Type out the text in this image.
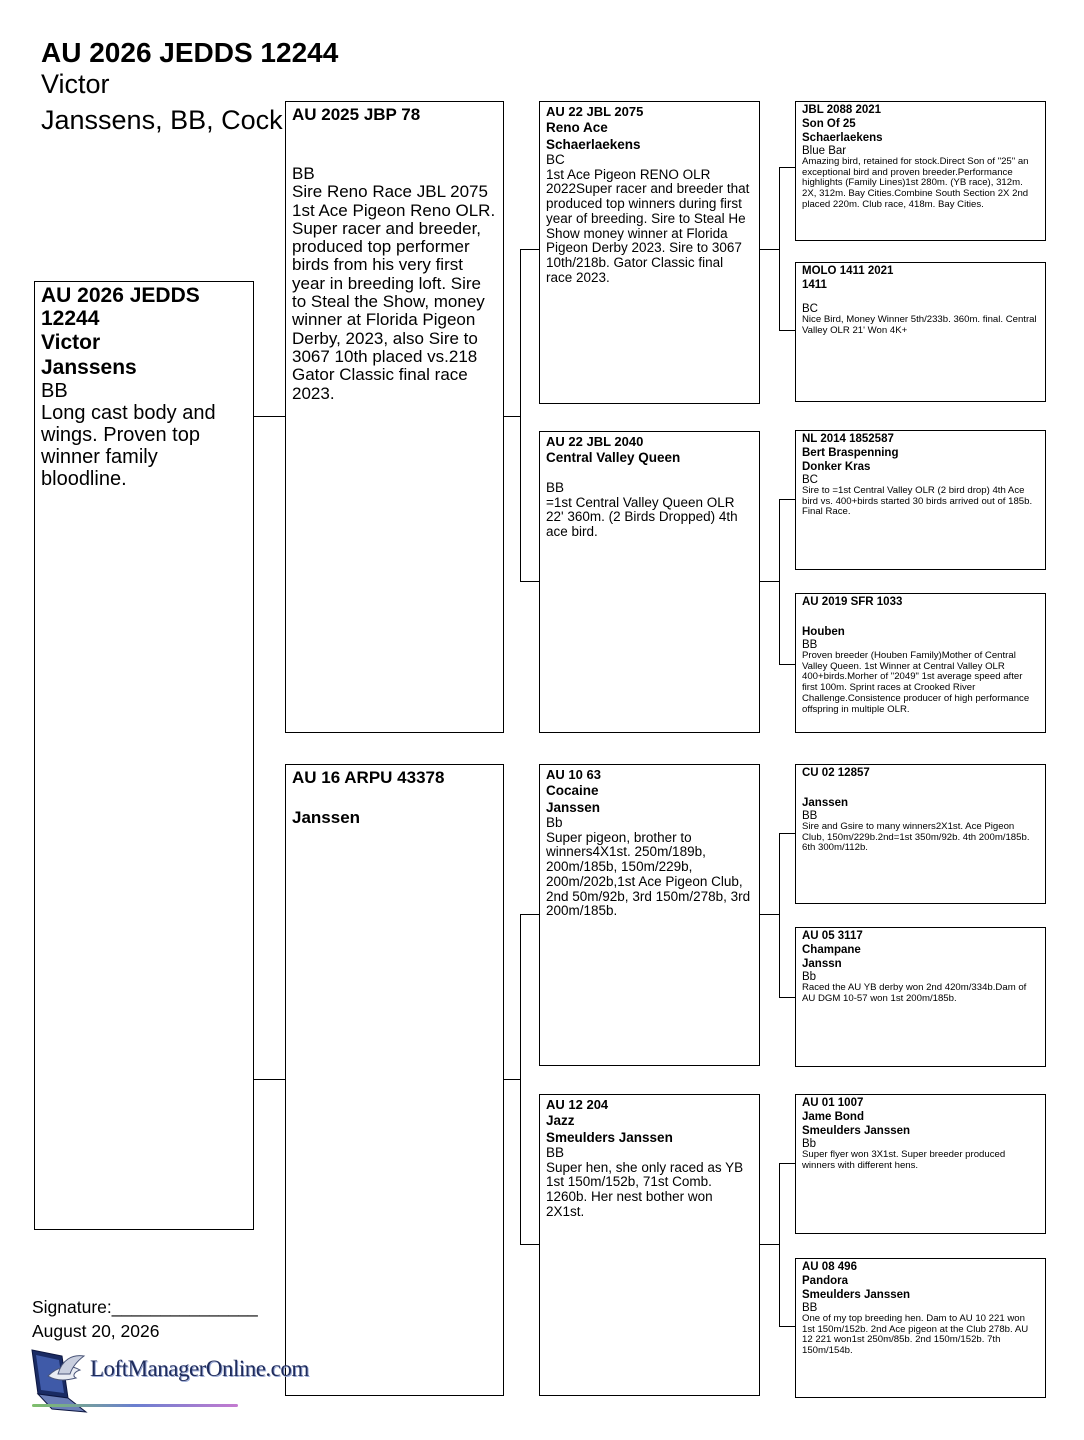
AU 2026 JEDDS 12244
Victor
Janssens, BB, Cock
AU 2026 JEDDS 12244
Victor
Janssens
BB
Long cast body and wings. Proven top winner family bloodline.
AU 2025 JBP 78
BB
Sire Reno Race JBL 2075 1st Ace Pigeon Reno OLR. Super racer and breeder, produced top performer birds from his very first year in breeding loft. Sire to Steal the Show, money winner at Florida Pigeon Derby, 2023, also Sire to 3067 10th placed vs.218 Gator Classic final race 2023.
AU 16 ARPU 43378
Janssen
AU 22 JBL 2075
Reno Ace
Schaerlaekens
BC
1st Ace Pigeon RENO OLR 2022Super racer and breeder that produced top winners during first year of breeding. Sire to Steal He Show money winner at Florida Pigeon Derby 2023. Sire to 3067 10th/218b. Gator Classic final race 2023.
AU 22 JBL 2040
Central Valley Queen
BB
=1st Central Valley Queen OLR 22' 360m. (2 Birds Dropped) 4th ace bird.
AU 10 63
Cocaine
Janssen
Bb
Super pigeon, brother to winners4X1st. 250m/189b, 200m/185b, 150m/229b, 200m/202b,1st Ace Pigeon Club, 2nd 50m/92b, 3rd 150m/278b, 3rd 200m/185b.
AU 12 204
Jazz
Smeulders Janssen
BB
Super hen, she only raced as YB 1st 150m/152b, 71st Comb. 1260b. Her nest bother won 2X1st.
JBL 2088 2021
Son Of 25
Schaerlaekens
Blue Bar
Amazing bird, retained for stock.Direct Son of "25" an exceptional bird and proven breeder.Performance highlights (Family Lines)1st 280m. (YB race), 312m. 2X, 312m. Bay Cities.Combine South Section 2X 2nd placed 220m. Club race, 418m. Bay Cities.
MOLO 1411 2021
1411
BC
Nice Bird, Money Winner 5th/233b. 360m. final. Central Valley OLR 21' Won 4K+
NL 2014 1852587
Bert Braspenning
Donker Kras
BC
Sire to =1st Central Valley OLR (2 bird drop) 4th Ace bird vs. 400+birds started 30 birds arrived out of 185b. Final Race.
AU 2019 SFR 1033
Houben
BB
Proven breeder (Houben Family)Mother of Central Valley Queen. 1st Winner at Central Valley OLR 400+birds.Morher of "2049" 1st average speed after first 100m. Sprint races at Crooked River Challenge.Consistence producer of high performance offspring in multiple OLR.
CU 02 12857
Janssen
BB
Sire and Gsire to many winners2X1st. Ace Pigeon Club, 150m/229b.2nd=1st 350m/92b. 4th 200m/185b. 6th 300m/112b.
AU 05 3117
Champane
Janssn
Bb
Raced the AU YB derby won 2nd 420m/334b.Dam of AU DGM 10-57 won 1st 200m/185b.
AU 01 1007
Jame Bond
Smeulders Janssen
Bb
Super flyer won 3X1st. Super breeder produced winners with different hens.
AU 08 496
Pandora
Smeulders Janssen
BB
One of my top breeding hen. Dam to AU 10 221 won 1st 150m/152b. 2nd Ace pigeon at the Club 278b. AU 12 221 won1st 250m/85b. 2nd 150m/152b. 7th 150m/154b.
Signature:_______________
August 20, 2026
LoftManagerOnline.com
